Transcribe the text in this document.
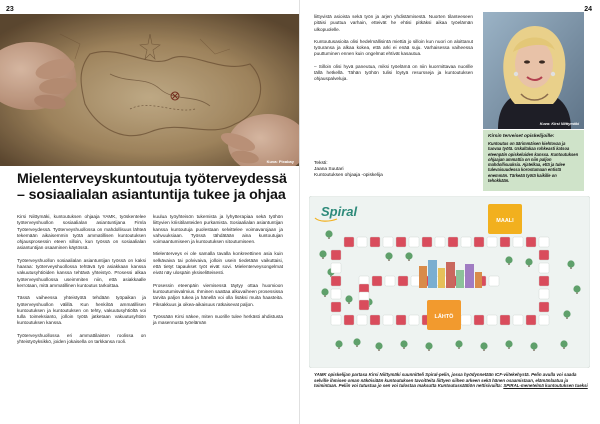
23
Kuva: Pixabay
Mielenterveyskuntoutuja työterveydessä
– sosiaalialan asiantuntija tukee ja ohjaa

Kirsi Niittymäki, kuntoutuksen ohjaaja YAMK, työskentelee työterveyshuollon sosiaalialan asiantuntijana Fimla Työterveydessä. Työterveyshuollossa on mahdollisuus lähteä tekemään aikaisemmin työtä ammatillisen kuntoutuksen ohjausprosessin eteen silloin, kun työssä on sosiaalialan asiantuntijan osaaminen käytössä.

Työterveyshuollon sosiaalialan asiantuntijan työssä on kaksi haaraa: työterveyshuollossa tehtävä työ asiakkaan kanssa vakuutusyhtiöiden kanssa tehtävä yhteistyö. Prosessi alkaa työterveyshuollossa useimmiten niin, että asiakkaalle kerrotaan, mitä ammatillinen kuntoutus tarkoittaa.

Tässä vaiheessa yhteistyötä tehdään työpaikan ja työterveyshuollon välillä. Kun henkilöä ammatillisen kuntoutuksen ja kuntoutuksen on tehty, vakuutusyhtiöltä voi tulla toimeksianto, jolloin työtä jatketaan vakuutusyhtiön kuntoutuksen kanssa.

Työterveyshuollossa eri ammattilaisten roolissa on yhteistyöyksikkö, joiden jokaisella on tarkkansa rooli.

kuulua työyhteisön tukemista ja lyhytterapiaa sekä työhön liittyvien kriisitilanteiden purkamista. Sosiaalialan asiantuntijan kanssa kuntoutuja puolestaan selvittelee voimavarojaan ja vahvuuksiaan. Työssä tähdätään aina kuntoutujan voimaantumiseen ja kuntoutuksen sitoutumiseen.

Mielenterveys ei ole samalla tavalla konkreettinen asia kuin selkävaiva tai polvivaiva, jolloin usein tiedetään vaikuttaisi, että tietyt tapaukset työt eivät sovi. Mielenterveysongelmat eivät näy ulospäin yksiselitteisesti.

Prosessin eteenpäin viemisessä täytyy ottaa huomioon kuntoutumisvalmius. Ihminen saattaa alkuvaiheen prosessissa tarvita paljon tukea ja hänellä voi olla lisäksi muita haasteita. Fiksakkuus ja oikea-aikaisuus ratkaisevat paljon.

Työssään Kirsi näkee, miten nuorille tulee herkästi ahdistusta ja masennusta työelämän

24

liittyvistä asioista sekä työn ja arjen yhdistämisestä. Nuorten tilanteeseen pitäisi puuttua varhain, etteivät he ehtisi pitkäksi aikaa työelämän ulkopuolelle.

Kuntoutusasioita olisi hedelmällisintä miettiä jo silloin kun nuori on aloittanut työuransa ja alkaa kokea, että arki ei enää suju. Varhaisessa vaiheessa puuttuminen ennen kuin ongelmat ehtivät kasautua.

– Silloin olisi hyvä paneutua, miksi työelämä on niin kuormittavaa nuorille tällä hetkellä. Tähän työhön tulisi löytyä resursseja ja kuntoutuksen ohjauspalveluja.

Kuva: Kirsi Niittymäki

Kirsin terveiset opiskelijoille:

Kuntoutus on äärimmäisen kiehtovaa ja tuovaa työtä. Uskaltakaa rohkeasti katsoa eteenpäin opiskeluiden kanssa. Kuntoutuksen ohjaajan ammattia on niin paljon mahdollisuuksia. Ajatelkaa, että ja tulee tulevaisuudessa korostumaan entistä enemmän. Tärkeää työtä kaikille on tehokkään.

Teksti:
Jaana Suutari
Kuntoutuksen ohjaaja -opiskelija
Spiral
MAALI
LÄHTÖ
YAMK opiskelijan partasa Kirsi Niittymäki suunnitteli Spiral-pelin, jossa hyödynnetään ICF-viitekehystä. Pelin avulla voi saada selville ihmisen oman näköisiään kuntoutuksen tavoitteita liittyen siihen arkeen sekä hänen osaamistaan, elämänlaatua ja toimintaan. Peliin voi tutustua jo sen voi tulostaa maksutta Kuntoutussäätiön nettisivuilta: SPIRAL-menetelmä kuntoutuksen tueksi
